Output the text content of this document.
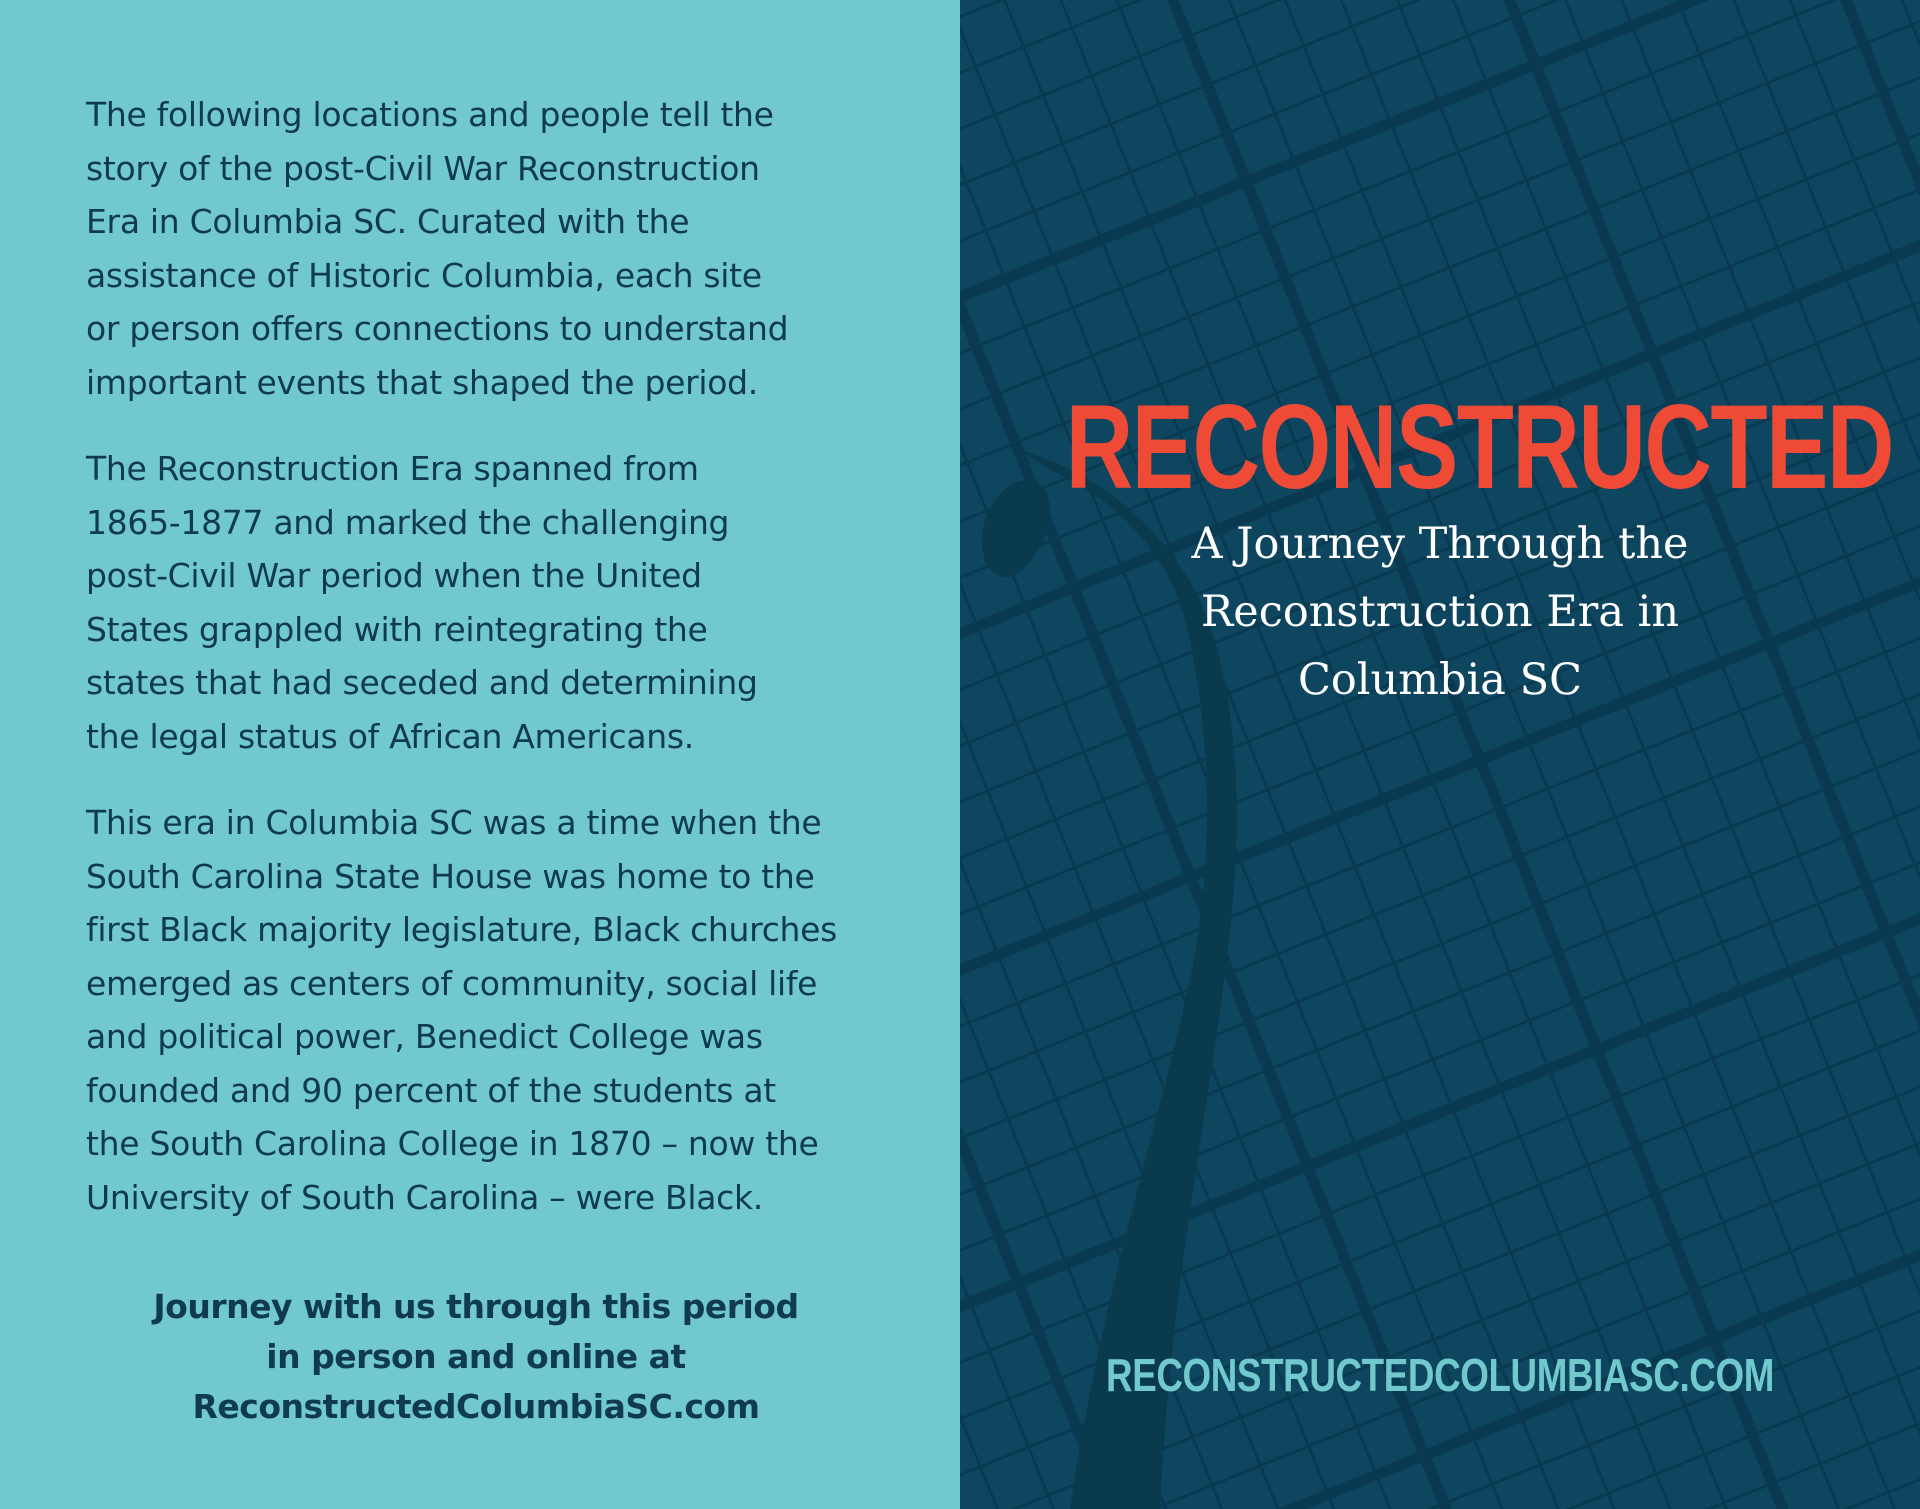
The following locations and people tell the
story of the post-Civil War Reconstruction
Era in Columbia SC. Curated with the
assistance of Historic Columbia, each site
or person offers connections to understand
important events that shaped the period.

The Reconstruction Era spanned from
1865-1877 and marked the challenging
post-Civil War period when the United
States grappled with reintegrating the
states that had seceded and determining
the legal status of African Americans.

This era in Columbia SC was a time when the
South Carolina State House was home to the
first Black majority legislature, Black churches
emerged as centers of community, social life
and political power, Benedict College was
founded and 90 percent of the students at
the South Carolina College in 1870 – now the
University of South Carolina – were Black.

Journey with us through this period
in person and online at
ReconstructedColumbiaSC.com

RECONSTRUCTED

A Journey Through the
Reconstruction Era in
Columbia SC

RECONSTRUCTEDCOLUMBIASC.COM
